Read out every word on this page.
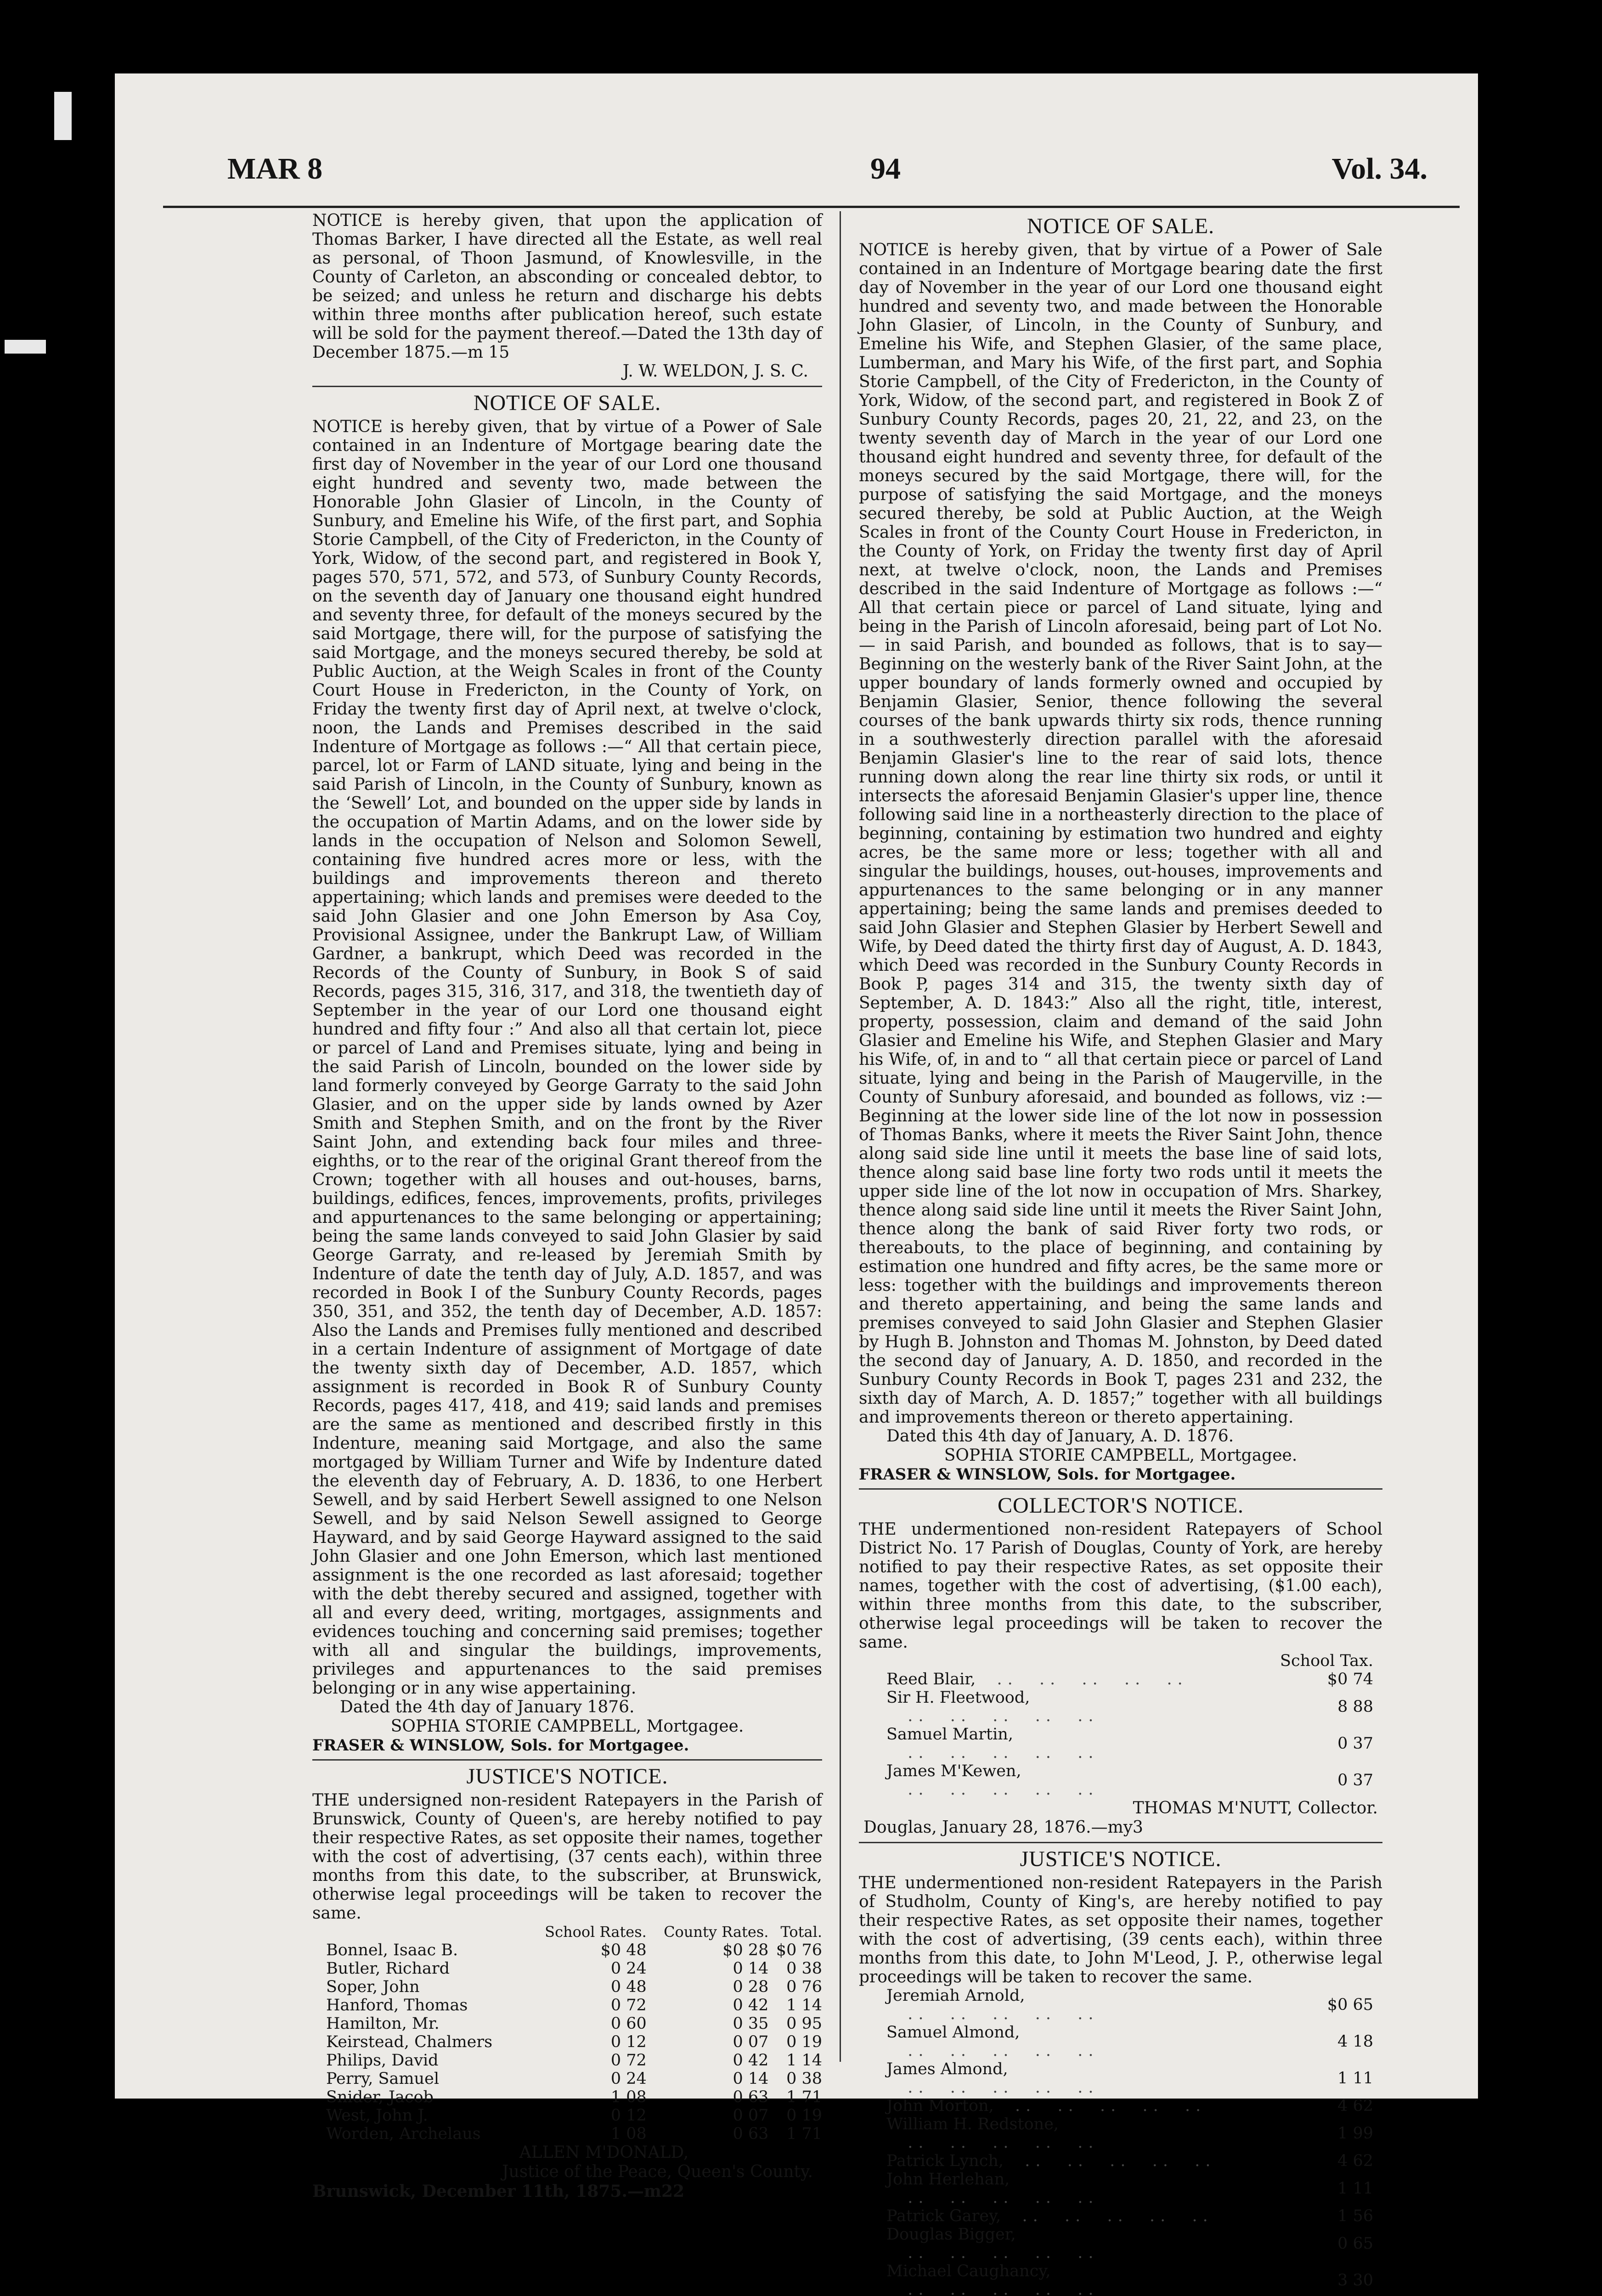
MAR 8	94	Vol. 34.

NOTICE is hereby given, that upon the application of Thomas Barker, I have directed all the Estate, as well real as personal, of Thoon Jasmund, of Knowlesville, in the County of Carleton, an absconding or concealed debtor, to be seized; and unless he return and discharge his debts within three months after publication hereof, such estate will be sold for the payment thereof.—Dated the 13th day of December 1875.—m 15

J. W. WELDON, J. S. C.
NOTICE OF SALE.

NOTICE is hereby given, that by virtue of a Power of Sale contained in an Indenture of Mortgage bearing date the first day of November in the year of our Lord one thousand eight hundred and seventy two, made between the Honorable John Glasier of Lincoln, in the County of Sunbury, and Emeline his Wife, of the first part, and Sophia Storie Campbell, of the City of Fredericton, in the County of York, Widow, of the second part, and registered in Book Y, pages 570, 571, 572, and 573, of Sunbury County Records, on the seventh day of January one thousand eight hundred and seventy three, for default of the moneys secured by the said Mortgage, there will, for the purpose of satisfying the said Mortgage, and the moneys secured thereby, be sold at Public Auction, at the Weigh Scales in front of the County Court House in Fredericton, in the County of York, on Friday the twenty first day of April next, at twelve o'clock, noon, the Lands and Premises described in the said Indenture of Mortgage as follows :—“ All that certain piece, parcel, lot or Farm of LAND situate, lying and being in the said Parish of Lincoln, in the County of Sunbury, known as the ‘Sewell’ Lot, and bounded on the upper side by lands in the occupation of Martin Adams, and on the lower side by lands in the occupation of Nelson and Solomon Sewell, containing five hundred acres more or less, with the buildings and improvements thereon and thereto appertaining; which lands and premises were deeded to the said John Glasier and one John Emerson by Asa Coy, Provisional Assignee, under the Bankrupt Law, of William Gardner, a bankrupt, which Deed was recorded in the Records of the County of Sunbury, in Book S of said Records, pages 315, 316, 317, and 318, the twentieth day of September in the year of our Lord one thousand eight hundred and fifty four :” And also all that certain lot, piece or parcel of Land and Premises situate, lying and being in the said Parish of Lincoln, bounded on the lower side by land formerly conveyed by George Garraty to the said John Glasier, and on the upper side by lands owned by Azer Smith and Stephen Smith, and on the front by the River Saint John, and extending back four miles and three-eighths, or to the rear of the original Grant thereof from the Crown; together with all houses and out-houses, barns, buildings, edifices, fences, improvements, profits, privileges and appurtenances to the same belonging or appertaining; being the same lands conveyed to said John Glasier by said George Garraty, and re-leased by Jeremiah Smith by Indenture of date the tenth day of July, A.D. 1857, and was recorded in Book I of the Sunbury County Records, pages 350, 351, and 352, the tenth day of December, A.D. 1857: Also the Lands and Premises fully mentioned and described in a certain Indenture of assignment of Mortgage of date the twenty sixth day of December, A.D. 1857, which assignment is recorded in Book R of Sunbury County Records, pages 417, 418, and 419; said lands and premises are the same as mentioned and described firstly in this Indenture, meaning said Mortgage, and also the same mortgaged by William Turner and Wife by Indenture dated the eleventh day of February, A. D. 1836, to one Herbert Sewell, and by said Herbert Sewell assigned to one Nelson Sewell, and by said Nelson Sewell assigned to George Hayward, and by said George Hayward assigned to the said John Glasier and one John Emerson, which last mentioned assignment is the one recorded as last aforesaid; together with the debt thereby secured and assigned, together with all and every deed, writing, mortgages, assignments and evidences touching and concerning said premises; together with all and singular the buildings, improvements, privileges and appurtenances to the said premises belonging or in any wise appertaining.

Dated the 4th day of January 1876.
SOPHIA STORIE CAMPBELL, Mortgagee.
FRASER & WINSLOW, Sols. for Mortgagee.
JUSTICE'S NOTICE.

THE undersigned non-resident Ratepayers in the Parish of Brunswick, County of Queen's, are hereby notified to pay their respective Rates, as set opposite their names, together with the cost of advertising, (37 cents each), within three months from this date, to the subscriber, at Brunswick, otherwise legal proceedings will be taken to recover the same.

	School Rates.	County Rates.	Total.
Bonnel, Isaac B.	$0 48	$0 28	$0 76
Butler, Richard	0 24	0 14	0 38
Soper, John	0 48	0 28	0 76
Hanford, Thomas	0 72	0 42	1 14
Hamilton, Mr.	0 60	0 35	0 95
Keirstead, Chalmers	0 12	0 07	0 19
Philips, David	0 72	0 42	1 14
Perry, Samuel	0 24	0 14	0 38
Snider, Jacob	1 08	0 63	1 71
West, John J.	0 12	0 07	0 19
Worden, Archelaus	1 08	0 63	1 71
ALLEN M'DONALD,
Justice of the Peace, Queen's County.
Brunswick, December 11th, 1875.—m22
NOTICE OF SALE.

NOTICE is hereby given, that by virtue of a Power of Sale contained in an Indenture of Mortgage bearing date the first day of November in the year of our Lord one thousand eight hundred and seventy two, and made between the Honorable John Glasier, of Lincoln, in the County of Sunbury, and Emeline his Wife, and Stephen Glasier, of the same place, Lumberman, and Mary his Wife, of the first part, and Sophia Storie Campbell, of the City of Fredericton, in the County of York, Widow, of the second part, and registered in Book Z of Sunbury County Records, pages 20, 21, 22, and 23, on the twenty seventh day of March in the year of our Lord one thousand eight hundred and seventy three, for default of the moneys secured by the said Mortgage, there will, for the purpose of satisfying the said Mortgage, and the moneys secured thereby, be sold at Public Auction, at the Weigh Scales in front of the County Court House in Fredericton, in the County of York, on Friday the twenty first day of April next, at twelve o'clock, noon, the Lands and Premises described in the said Indenture of Mortgage as follows :—“ All that certain piece or parcel of Land situate, lying and being in the Parish of Lincoln aforesaid, being part of Lot No. — in said Parish, and bounded as follows, that is to say—Beginning on the westerly bank of the River Saint John, at the upper boundary of lands formerly owned and occupied by Benjamin Glasier, Senior, thence following the several courses of the bank upwards thirty six rods, thence running in a southwesterly direction parallel with the aforesaid Benjamin Glasier's line to the rear of said lots, thence running down along the rear line thirty six rods, or until it intersects the aforesaid Benjamin Glasier's upper line, thence following said line in a northeasterly direction to the place of beginning, containing by estimation two hundred and eighty acres, be the same more or less; together with all and singular the buildings, houses, out-houses, improvements and appurtenances to the same belonging or in any manner appertaining; being the same lands and premises deeded to said John Glasier and Stephen Glasier by Herbert Sewell and Wife, by Deed dated the thirty first day of August, A. D. 1843, which Deed was recorded in the Sunbury County Records in Book P, pages 314 and 315, the twenty sixth day of September, A. D. 1843:” Also all the right, title, interest, property, possession, claim and demand of the said John Glasier and Emeline his Wife, and Stephen Glasier and Mary his Wife, of, in and to “ all that certain piece or parcel of Land situate, lying and being in the Parish of Maugerville, in the County of Sunbury aforesaid, and bounded as follows, viz :—Beginning at the lower side line of the lot now in possession of Thomas Banks, where it meets the River Saint John, thence along said side line until it meets the base line of said lots, thence along said base line forty two rods until it meets the upper side line of the lot now in occupation of Mrs. Sharkey, thence along said side line until it meets the River Saint John, thence along the bank of said River forty two rods, or thereabouts, to the place of beginning, and containing by estimation one hundred and fifty acres, be the same more or less: together with the buildings and improvements thereon and thereto appertaining, and being the same lands and premises conveyed to said John Glasier and Stephen Glasier by Hugh B. Johnston and Thomas M. Johnston, by Deed dated the second day of January, A. D. 1850, and recorded in the Sunbury County Records in Book T, pages 231 and 232, the sixth day of March, A. D. 1857;” together with all buildings and improvements thereon or thereto appertaining.

Dated this 4th day of January, A. D. 1876.
SOPHIA STORIE CAMPBELL, Mortgagee.
FRASER & WINSLOW, Sols. for Mortgagee.
COLLECTOR'S NOTICE.

THE undermentioned non-resident Ratepayers of School District No. 17 Parish of Douglas, County of York, are hereby notified to pay their respective Rates, as set opposite their names, together with the cost of advertising, ($1.00 each), within three months from this date, to the subscriber, otherwise legal proceedings will be taken to recover the same.

	School Tax.
Reed Blair,  ..  ..  ..  ..  ..	$0 74
Sir H. Fleetwood,  ..  ..  ..  ..  ..	8 88
Samuel Martin,  ..  ..  ..  ..  ..	0 37
James M'Kewen,  ..  ..  ..  ..  ..	0 37
THOMAS M'NUTT, Collector.
Douglas, January 28, 1876.—my3
JUSTICE'S NOTICE.

THE undermentioned non-resident Ratepayers in the Parish of Studholm, County of King's, are hereby notified to pay their respective Rates, as set opposite their names, together with the cost of advertising, (39 cents each), within three months from this date, to John M'Leod, J. P., otherwise legal proceedings will be taken to recover the same.

Jeremiah Arnold,  ..  ..  ..  ..  ..	$0 65
Samuel Almond,  ..  ..  ..  ..  ..	4 18
James Almond,  ..  ..  ..  ..  ..	1 11
John Morton,  ..  ..  ..  ..  ..	4 62
William H. Redstone,  ..  ..  ..  ..  ..	1 99
Patrick Lynch,  ..  ..  ..  ..  ..	4 62
John Herlehan,  ..  ..  ..  ..  ..	1 11
Patrick Garey,  ..  ..  ..  ..  ..	1 56
Douglas Bigger,  ..  ..  ..  ..  ..	0 65
Michael Caughancy,  ..  ..  ..  ..  ..	3 30
